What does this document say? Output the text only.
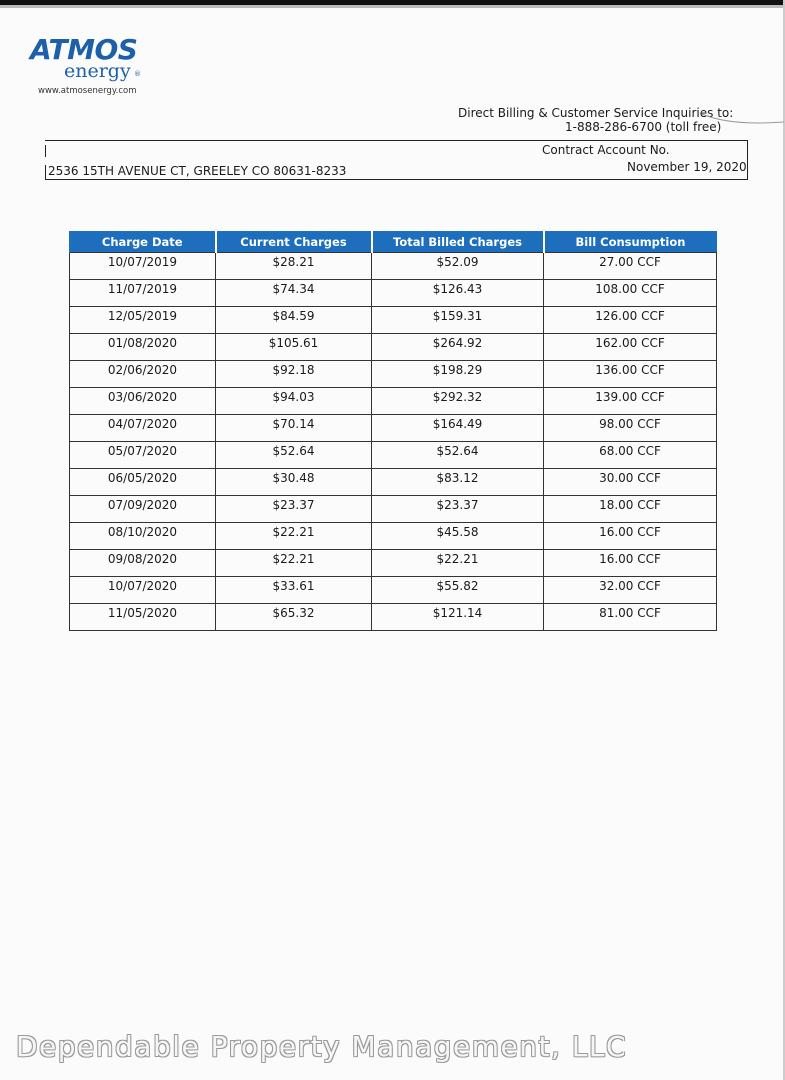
ATMOS
energy ®
www.atmosenergy.com
Direct Billing & Customer Service Inquiries to:
1-888-286-6700 (toll free)
Contract Account No.
November 19, 2020
2536 15TH AVENUE CT, GREELEY CO 80631-8233
Charge Date	Current Charges	Total Billed Charges	Bill Consumption
10/07/2019	$28.21	$52.09	27.00 CCF
11/07/2019	$74.34	$126.43	108.00 CCF
12/05/2019	$84.59	$159.31	126.00 CCF
01/08/2020	$105.61	$264.92	162.00 CCF
02/06/2020	$92.18	$198.29	136.00 CCF
03/06/2020	$94.03	$292.32	139.00 CCF
04/07/2020	$70.14	$164.49	98.00 CCF
05/07/2020	$52.64	$52.64	68.00 CCF
06/05/2020	$30.48	$83.12	30.00 CCF
07/09/2020	$23.37	$23.37	18.00 CCF
08/10/2020	$22.21	$45.58	16.00 CCF
09/08/2020	$22.21	$22.21	16.00 CCF
10/07/2020	$33.61	$55.82	32.00 CCF
11/05/2020	$65.32	$121.14	81.00 CCF
Dependable Property Management, LLC
